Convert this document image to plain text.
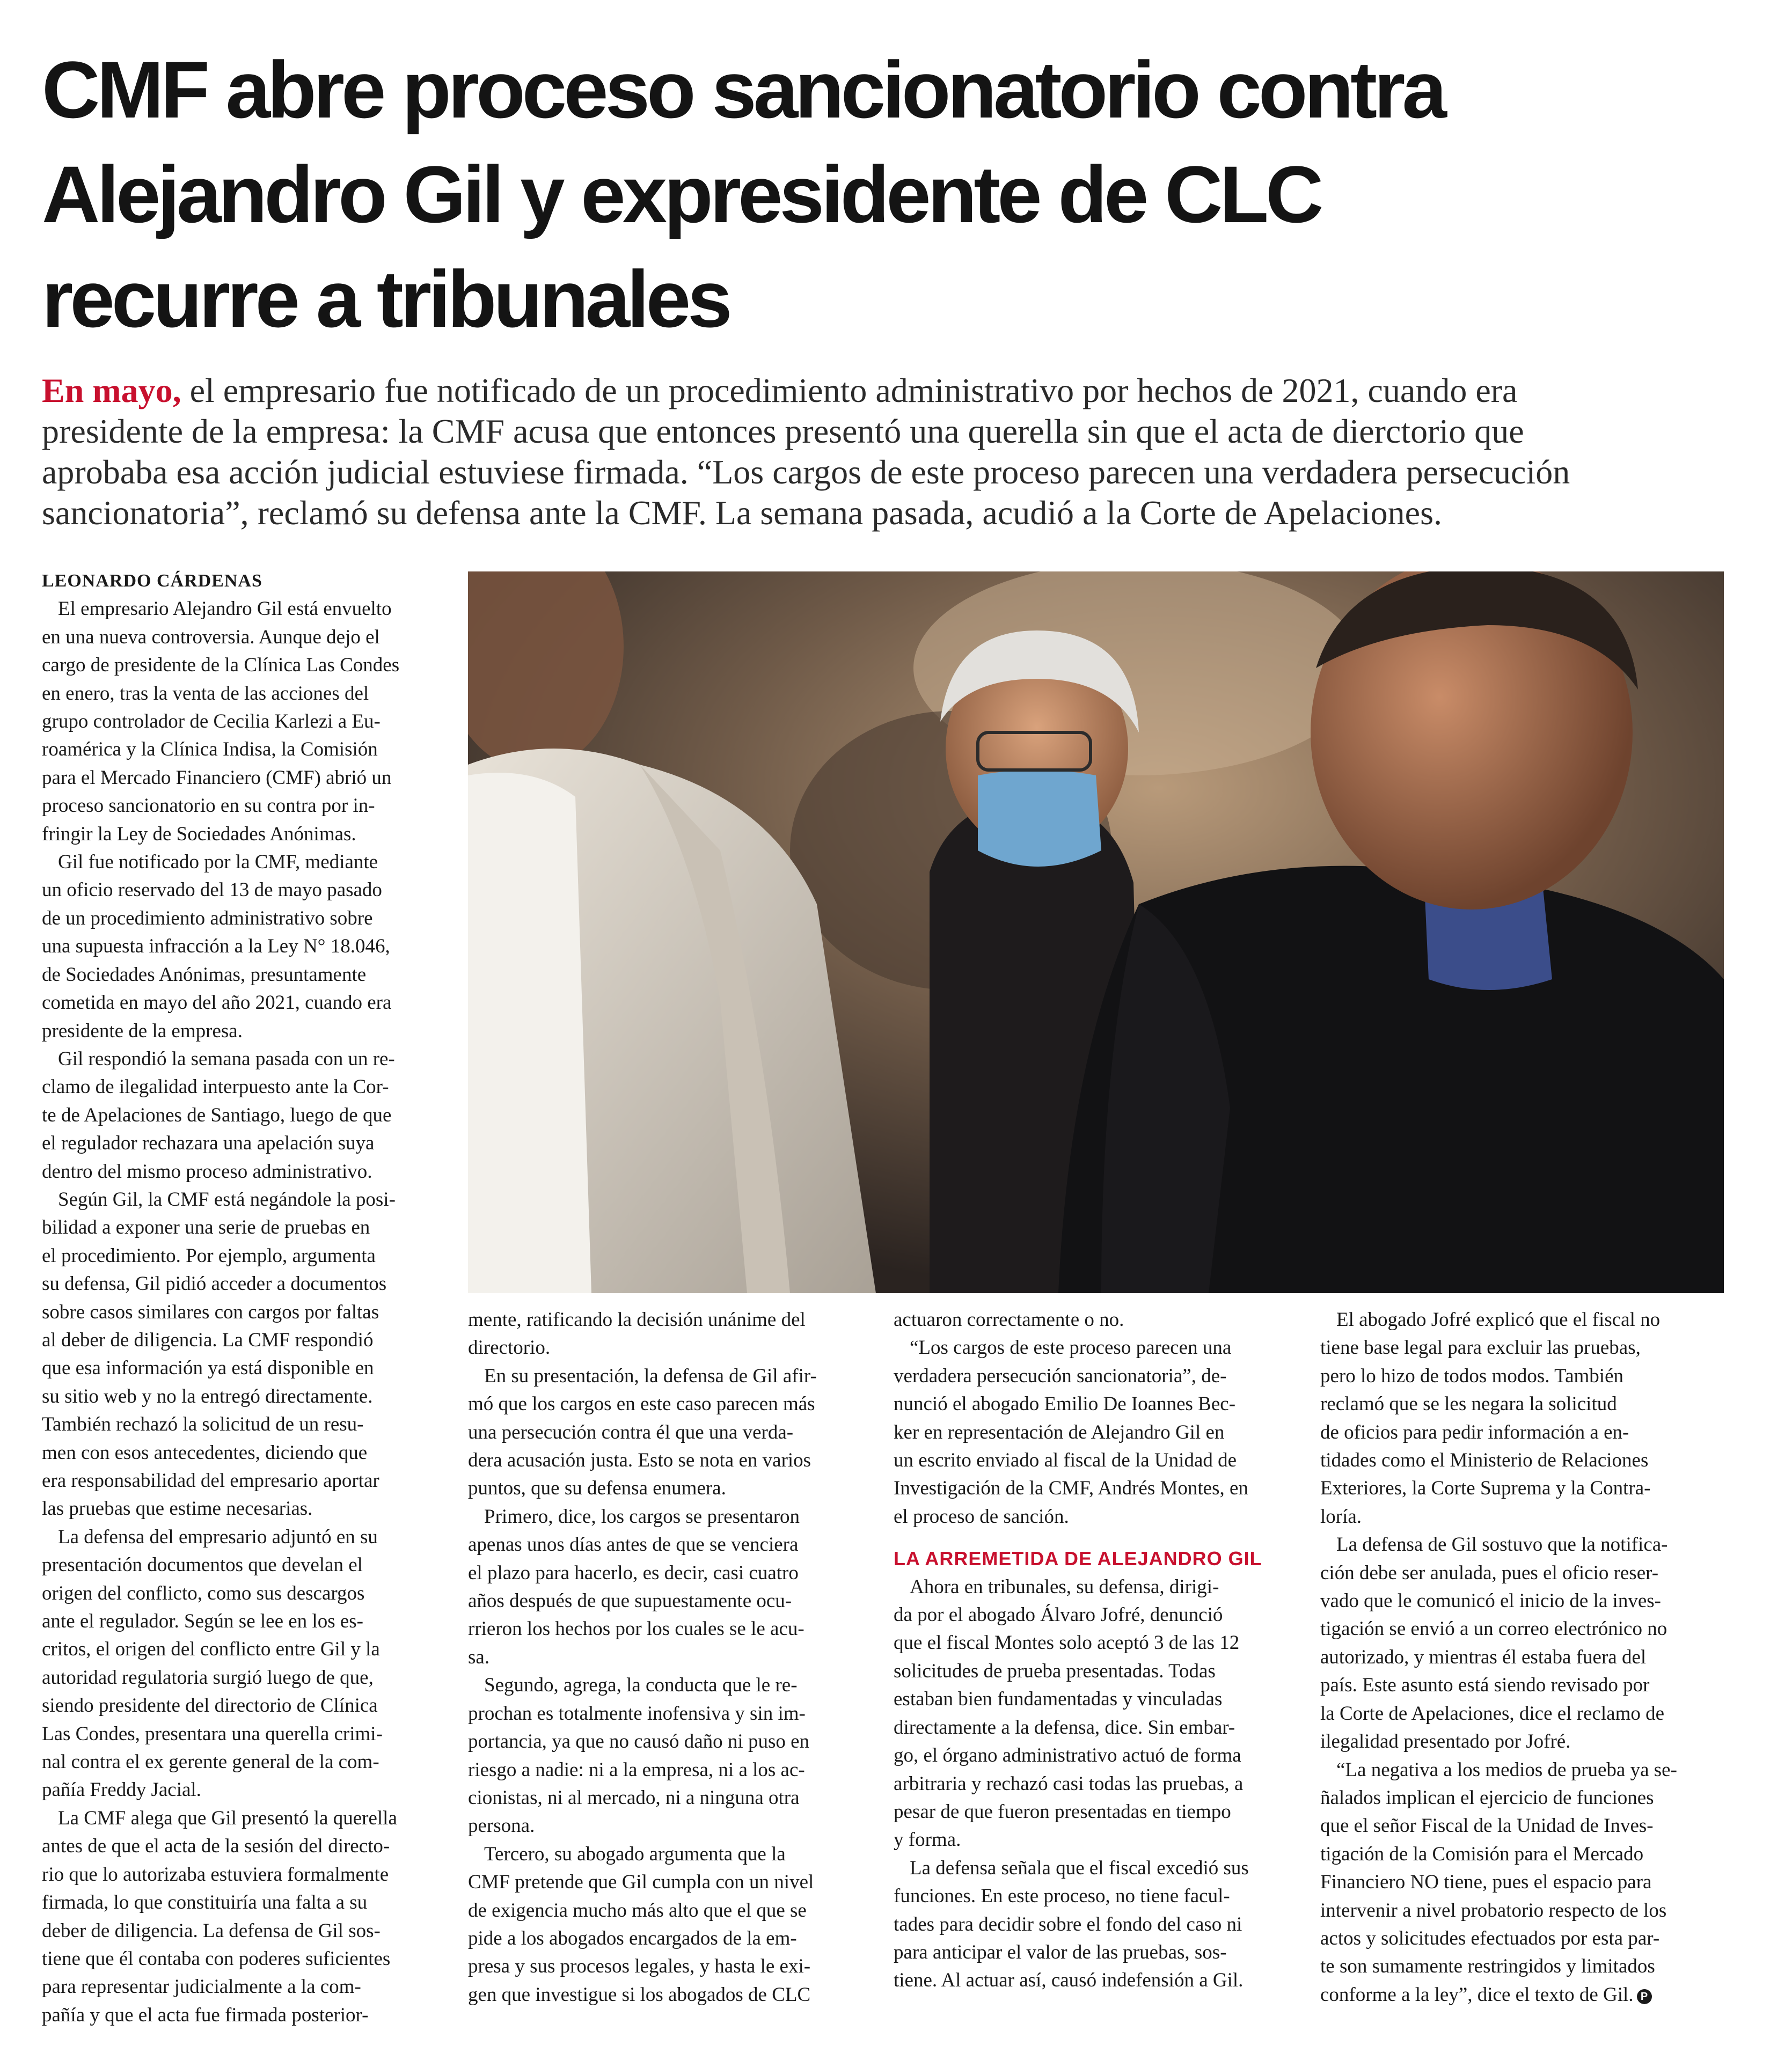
CMF abre proceso sancionatorio contra
Alejandro Gil y expresidente de CLC
recurre a tribunales

En mayo, el empresario fue notificado de un procedimiento administrativo por hechos de 2021, cuando era
presidente de la empresa: la CMF acusa que entonces presentó una querella sin que el acta de dierctorio que
aprobaba esa acción judicial estuviese firmada. “Los cargos de este proceso parecen una verdadera persecución
sancionatoria”, reclamó su defensa ante la CMF. La semana pasada, acudió a la Corte de Apelaciones.

LEONARDO CÁRDENAS
El empresario Alejandro Gil está envuelto
en una nueva controversia. Aunque dejo el
cargo de presidente de la Clínica Las Condes
en enero, tras la venta de las acciones del
grupo controlador de Cecilia Karlezi a Eu-
roamérica y la Clínica Indisa, la Comisión
para el Mercado Financiero (CMF) abrió un
proceso sancionatorio en su contra por in-
fringir la Ley de Sociedades Anónimas.
Gil fue notificado por la CMF, mediante
un oficio reservado del 13 de mayo pasado
de un procedimiento administrativo sobre
una supuesta infracción a la Ley N° 18.046,
de Sociedades Anónimas, presuntamente
cometida en mayo del año 2021, cuando era
presidente de la empresa.
Gil respondió la semana pasada con un re-
clamo de ilegalidad interpuesto ante la Cor-
te de Apelaciones de Santiago, luego de que
el regulador rechazara una apelación suya
dentro del mismo proceso administrativo.
Según Gil, la CMF está negándole la posi-
bilidad a exponer una serie de pruebas en
el procedimiento. Por ejemplo, argumenta
su defensa, Gil pidió acceder a documentos
sobre casos similares con cargos por faltas
al deber de diligencia. La CMF respondió
que esa información ya está disponible en
su sitio web y no la entregó directamente.
También rechazó la solicitud de un resu-
men con esos antecedentes, diciendo que
era responsabilidad del empresario aportar
las pruebas que estime necesarias.
La defensa del empresario adjuntó en su
presentación documentos que develan el
origen del conflicto, como sus descargos
ante el regulador. Según se lee en los es-
critos, el origen del conflicto entre Gil y la
autoridad regulatoria surgió luego de que,
siendo presidente del directorio de Clínica
Las Condes, presentara una querella crimi-
nal contra el ex gerente general de la com-
pañía Freddy Jacial.
La CMF alega que Gil presentó la querella
antes de que el acta de la sesión del directo-
rio que lo autorizaba estuviera formalmente
firmada, lo que constituiría una falta a su
deber de diligencia. La defensa de Gil sos-
tiene que él contaba con poderes suficientes
para representar judicialmente a la com-
pañía y que el acta fue firmada posterior-
mente, ratificando la decisión unánime del
directorio.
En su presentación, la defensa de Gil afir-
mó que los cargos en este caso parecen más
una persecución contra él que una verda-
dera acusación justa. Esto se nota en varios
puntos, que su defensa enumera.
Primero, dice, los cargos se presentaron
apenas unos días antes de que se venciera
el plazo para hacerlo, es decir, casi cuatro
años después de que supuestamente ocu-
rrieron los hechos por los cuales se le acu-
sa.
Segundo, agrega, la conducta que le re-
prochan es totalmente inofensiva y sin im-
portancia, ya que no causó daño ni puso en
riesgo a nadie: ni a la empresa, ni a los ac-
cionistas, ni al mercado, ni a ninguna otra
persona.
Tercero, su abogado argumenta que la
CMF pretende que Gil cumpla con un nivel
de exigencia mucho más alto que el que se
pide a los abogados encargados de la em-
presa y sus procesos legales, y hasta le exi-
gen que investigue si los abogados de CLC
actuaron correctamente o no.
“Los cargos de este proceso parecen una
verdadera persecución sancionatoria”, de-
nunció el abogado Emilio De Ioannes Bec-
ker en representación de Alejandro Gil en
un escrito enviado al fiscal de la Unidad de
Investigación de la CMF, Andrés Montes, en
el proceso de sanción.
LA ARREMETIDA DE ALEJANDRO GIL
Ahora en tribunales, su defensa, dirigi-
da por el abogado Álvaro Jofré, denunció
que el fiscal Montes solo aceptó 3 de las 12
solicitudes de prueba presentadas. Todas
estaban bien fundamentadas y vinculadas
directamente a la defensa, dice. Sin embar-
go, el órgano administrativo actuó de forma
arbitraria y rechazó casi todas las pruebas, a
pesar de que fueron presentadas en tiempo
y forma.
La defensa señala que el fiscal excedió sus
funciones. En este proceso, no tiene facul-
tades para decidir sobre el fondo del caso ni
para anticipar el valor de las pruebas, sos-
tiene. Al actuar así, causó indefensión a Gil.
El abogado Jofré explicó que el fiscal no
tiene base legal para excluir las pruebas,
pero lo hizo de todos modos. También
reclamó que se les negara la solicitud
de oficios para pedir información a en-
tidades como el Ministerio de Relaciones
Exteriores, la Corte Suprema y la Contra-
loría.
La defensa de Gil sostuvo que la notifica-
ción debe ser anulada, pues el oficio reser-
vado que le comunicó el inicio de la inves-
tigación se envió a un correo electrónico no
autorizado, y mientras él estaba fuera del
país. Este asunto está siendo revisado por
la Corte de Apelaciones, dice el reclamo de
ilegalidad presentado por Jofré.
“La negativa a los medios de prueba ya se-
ñalados implican el ejercicio de funciones
que el señor Fiscal de la Unidad de Inves-
tigación de la Comisión para el Mercado
Financiero NO tiene, pues el espacio para
intervenir a nivel probatorio respecto de los
actos y solicitudes efectuados por esta par-
te son sumamente restringidos y limitados
conforme a la ley”, dice el texto de Gil. P
